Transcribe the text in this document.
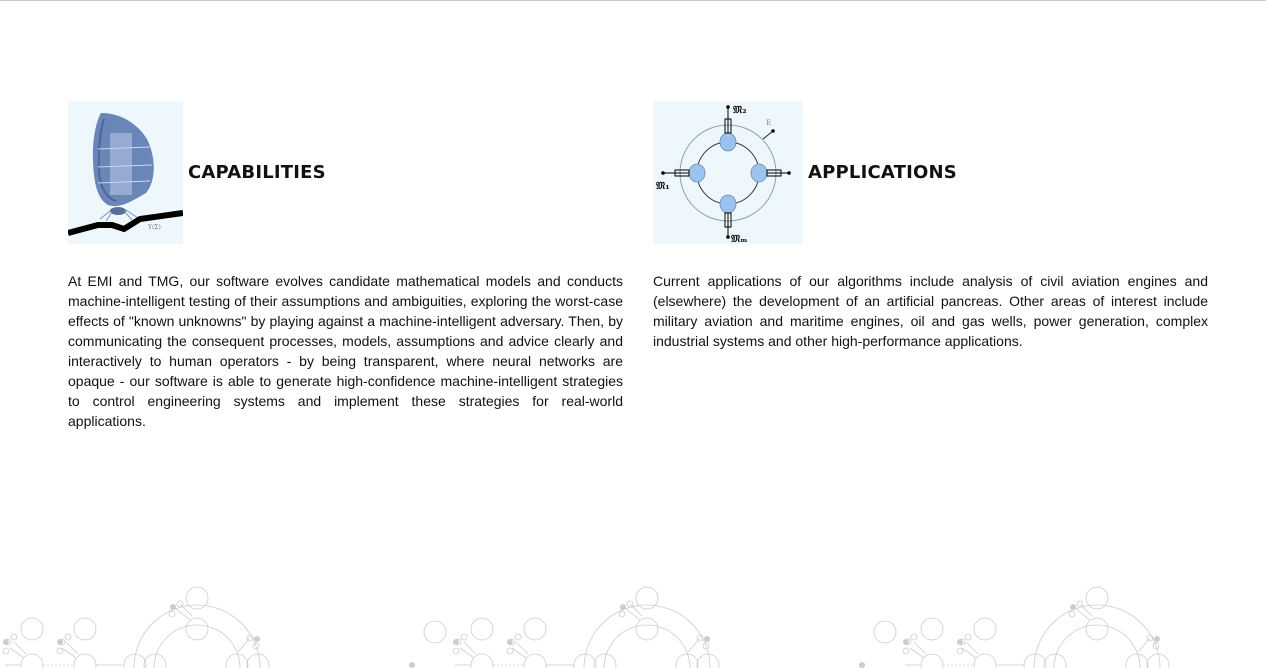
Y(Σ)
CAPABILITIES

At EMI and TMG, our software evolves candidate mathematical models and conducts machine-intelligent testing of their assumptions and ambiguities, exploring the worst-case effects of "known unknowns" by playing against a machine-intelligent adversary. Then, by communicating the consequent processes, models, assumptions and advice clearly and interactively to human operators - by being transparent, where neural networks are opaque - our software is able to generate high-confidence machine-intelligent strategies to control engineering systems and implement these strategies for real-world applications.

E
𝔐₂
𝔐₁
𝔐ₘ
APPLICATIONS

Current applications of our algorithms include analysis of civil aviation engines and (elsewhere) the development of an artificial pancreas. Other areas of interest include military aviation and maritime engines, oil and gas wells, power generation, complex industrial systems and other high-performance applications.
